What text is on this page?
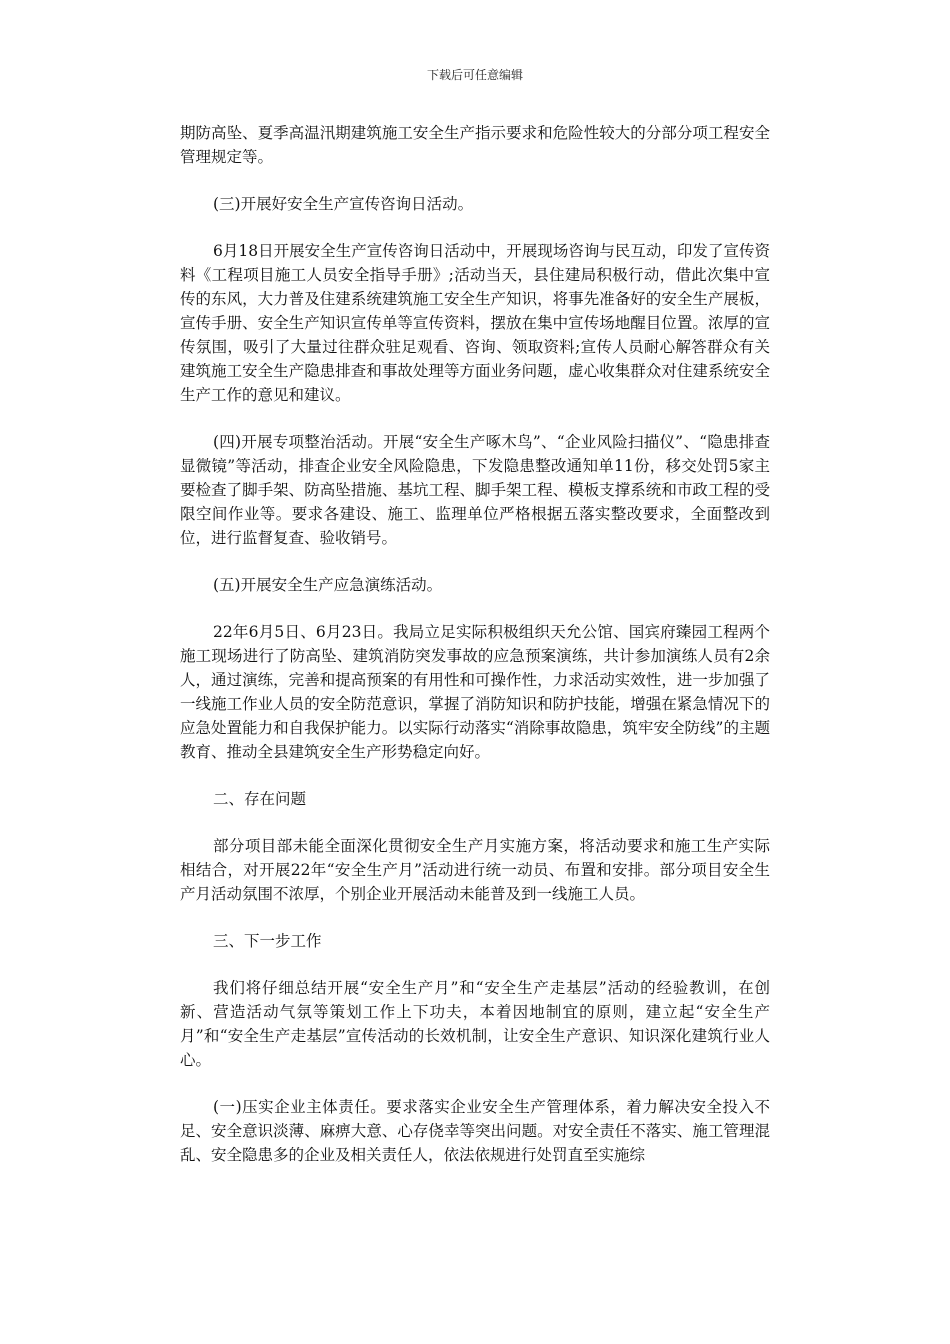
下载后可任意编辑

期防高坠、夏季高温汛期建筑施工安全生产指示要求和危险性较大的分部分项工程安全管理规定等。

(三)开展好安全生产宣传咨询日活动。

6月18日开展安全生产宣传咨询日活动中，开展现场咨询与民互动，印发了宣传资料《工程项目施工人员安全指导手册》;活动当天，县住建局积极行动，借此次集中宣传的东风，大力普及住建系统建筑施工安全生产知识，将事先准备好的安全生产展板，宣传手册、安全生产知识宣传单等宣传资料，摆放在集中宣传场地醒目位置。浓厚的宣传氛围，吸引了大量过往群众驻足观看、咨询、领取资料;宣传人员耐心解答群众有关建筑施工安全生产隐患排查和事故处理等方面业务问题，虚心收集群众对住建系统安全生产工作的意见和建议。

(四)开展专项整治活动。开展“安全生产啄木鸟”、“企业风险扫描仪”、“隐患排查显微镜”等活动，排查企业安全风险隐患，下发隐患整改通知单11份，移交处罚5家主要检查了脚手架、防高坠措施、基坑工程、脚手架工程、模板支撑系统和市政工程的受限空间作业等。要求各建设、施工、监理单位严格根据五落实整改要求，全面整改到位，进行监督复查、验收销号。

(五)开展安全生产应急演练活动。

22年6月5日、6月23日。我局立足实际积极组织天允公馆、国宾府臻园工程两个施工现场进行了防高坠、建筑消防突发事故的应急预案演练，共计参加演练人员有2余人，通过演练，完善和提高预案的有用性和可操作性，力求活动实效性，进一步加强了一线施工作业人员的安全防范意识，掌握了消防知识和防护技能，增强在紧急情况下的应急处置能力和自我保护能力。以实际行动落实“消除事故隐患，筑牢安全防线”的主题教育、推动全县建筑安全生产形势稳定向好。

二、存在问题

部分项目部未能全面深化贯彻安全生产月实施方案，将活动要求和施工生产实际相结合，对开展22年“安全生产月”活动进行统一动员、布置和安排。部分项目安全生产月活动氛围不浓厚，个别企业开展活动未能普及到一线施工人员。

三、下一步工作

我们将仔细总结开展“安全生产月”和“安全生产走基层”活动的经验教训，在创新、营造活动气氛等策划工作上下功夫，本着因地制宜的原则，建立起“安全生产月”和“安全生产走基层”宣传活动的长效机制，让安全生产意识、知识深化建筑行业人心。

(一)压实企业主体责任。要求落实企业安全生产管理体系，着力解决安全投入不足、安全意识淡薄、麻痹大意、心存侥幸等突出问题。对安全责任不落实、施工管理混乱、安全隐患多的企业及相关责任人，依法依规进行处罚直至实施综
